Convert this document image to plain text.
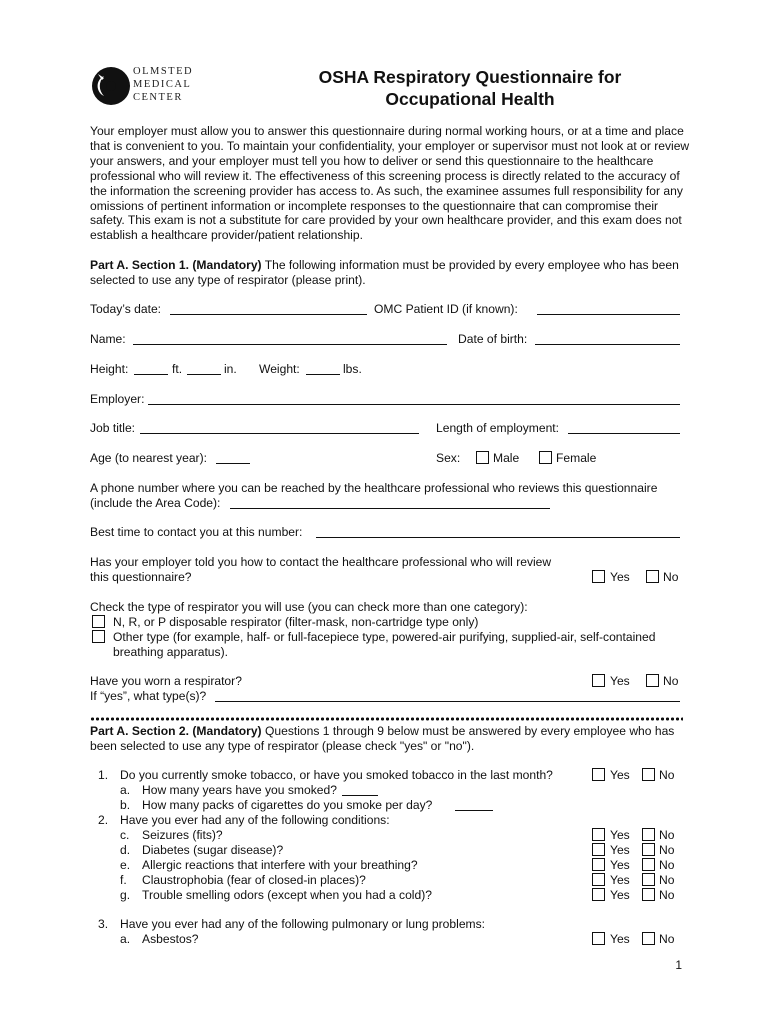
OLMSTED
MEDICAL
CENTER
OSHA Respiratory Questionnaire for
Occupational Health
Your employer must allow you to answer this questionnaire during normal working hours, or at a time and place that is convenient to you. To maintain your confidentiality, your employer or supervisor must not look at or review your answers, and your employer must tell you how to deliver or send this questionnaire to the healthcare professional who will review it. The effectiveness of this screening process is directly related to the accuracy of the information the screening provider has access to. As such, the examinee assumes full responsibility for any omissions of pertinent information or incomplete responses to the questionnaire that can compromise their safety. This exam is not a substitute for care provided by your own healthcare provider, and this exam does not establish a healthcare provider/patient relationship.
Part A. Section 1. (Mandatory) The following information must be provided by every employee who has been
selected to use any type of respirator (please print).
Today’s date:	OMC Patient ID (if known):
Name:	Date of birth:
Height:	ft.	in. Weight:	lbs.
Employer:
Job title:	Length of employment:
Age (to nearest year):	Sex:	Male	Female
A phone number where you can be reached by the healthcare professional who reviews this questionnaire
(include the Area Code):
Best time to contact you at this number:
Has your employer told you how to contact the healthcare professional who will review
this questionnaire?	Yes	No
Check the type of respirator you will use (you can check more than one category):
N, R, or P disposable respirator (filter-mask, non-cartridge type only)
Other type (for example, half- or full-facepiece type, powered-air purifying, supplied-air, self-contained
breathing apparatus).
Have you worn a respirator?	Yes	No
If “yes”, what type(s)?
Part A. Section 2. (Mandatory) Questions 1 through 9 below must be answered by every employee who has
been selected to use any type of respirator (please check "yes" or "no").
1. Do you currently smoke tobacco, or have you smoked tobacco in the last month?	Yes No
a. How many years have you smoked?
b. How many packs of cigarettes do you smoke per day?
2. Have you ever had any of the following conditions:
c. Seizures (fits)?	Yes No
d. Diabetes (sugar disease)?	Yes No
e. Allergic reactions that interfere with your breathing?	Yes No
f. Claustrophobia (fear of closed-in places)?	Yes No
g. Trouble smelling odors (except when you had a cold)?	Yes No
3. Have you ever had any of the following pulmonary or lung problems:
a. Asbestos?	Yes No
1
